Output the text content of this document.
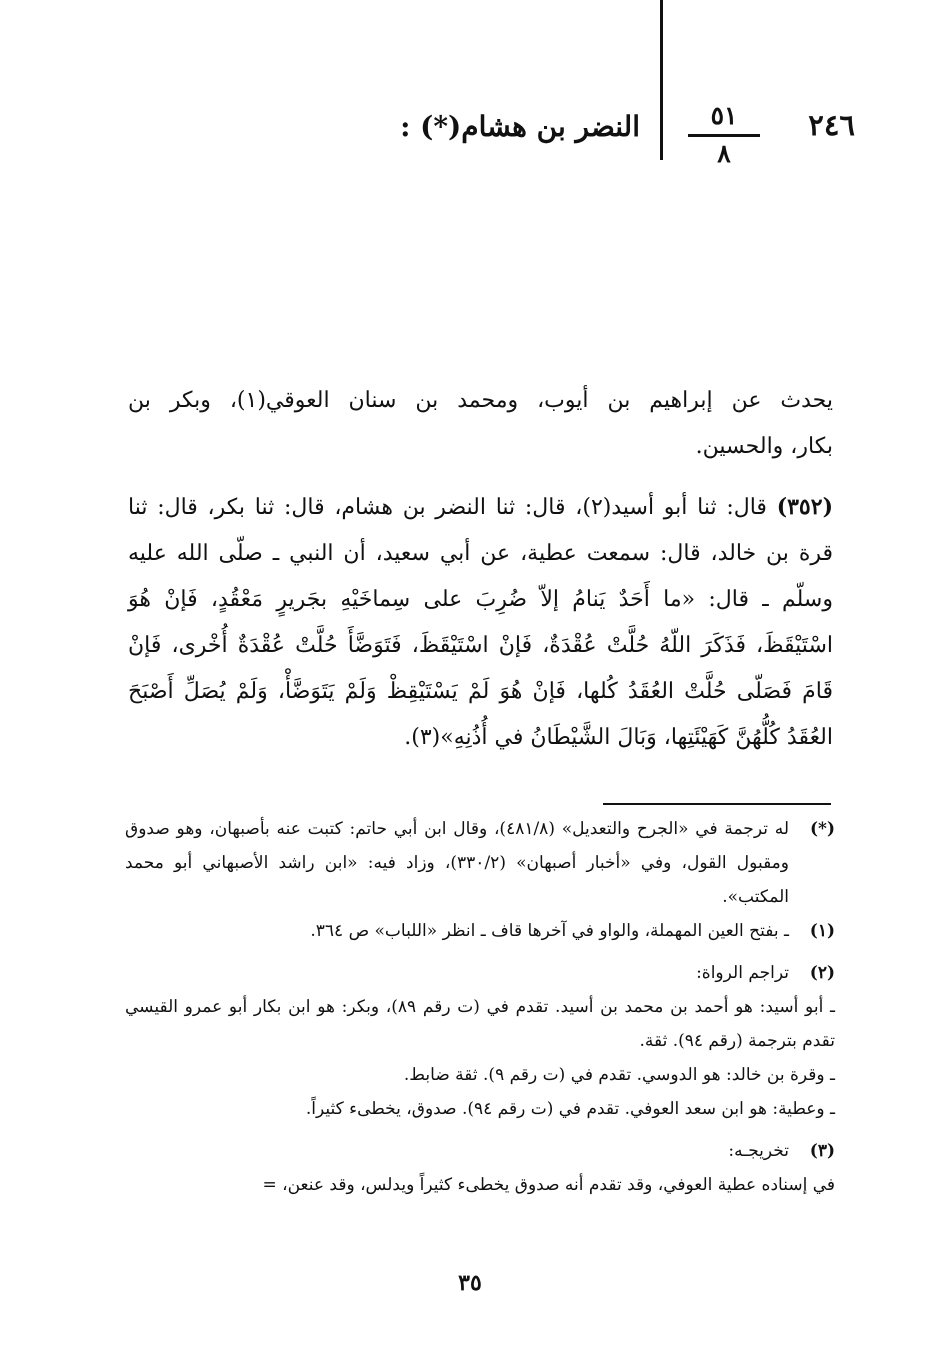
٢٤٦
٥١
٨
النضر بن هشام(*) :

يحدث عن إبراهيم بن أيوب، ومحمد بن سنان العوقي(١)، وبكر بن

بكار، والحسين.

(٣٥٢) قال: ثنا أبو أسيد(٢)، قال: ثنا النضر بن هشام، قال: ثنا بكر، قال: ثنا قرة بن خالد، قال: سمعت عطية، عن أبي سعيد، أن النبي ـ صلّى الله عليه وسلّم ـ قال: «ما أَحَدٌ يَنامُ إلاّ ضُرِبَ على سِماخَيْهِ بجَريرٍ مَعْقُدٍ، فَإنْ هُوَ اسْتَيْقَظَ، فَذَكَرَ اللّهُ حُلَّتْ عُقْدَةٌ، فَإنْ اسْتَيْقَظَ، فَتَوَضَّأَ حُلَّتْ عُقْدَةٌ أُخْرى، فَإنْ قَامَ فَصَلّى حُلَّتْ العُقَدُ كُلها، فَإنْ هُوَ لَمْ يَسْتَيْقِظْ وَلَمْ يَتَوَضَّأْ، وَلَمْ يُصَلِّ أَصْبَحَ العُقَدُ كُلُّهُنَّ كَهَيْئَتِها، وَبَالَ الشَّيْطَانُ في أُذُنِهِ»(٣).

(*)
له ترجمة في «الجرح والتعديل» (٤٨١/٨)، وقال ابن أبي حاتم: كتبت عنه بأصبهان، وهو صدوق ومقبول القول، وفي «أخبار أصبهان» (٣٣٠/٢)، وزاد فيه: «ابن راشد الأصبهاني أبو محمد المكتب».
(١)
ـ بفتح العين المهملة، والواو في آخرها قاف ـ انظر «اللباب» ص ٣٦٤.
(٢)
تراجم الرواة:
ـ أبو أسيد: هو أحمد بن محمد بن أسيد. تقدم في (ت رقم ٨٩)، وبكر: هو ابن بكار أبو عمرو القيسي تقدم بترجمة (رقم ٩٤). ثقة.
ـ وقرة بن خالد: هو الدوسي. تقدم في (ت رقم ٩). ثقة ضابط.
ـ وعطية: هو ابن سعد العوفي. تقدم في (ت رقم ٩٤). صدوق، يخطىء كثيراً.
(٣)
تخريجـه:
في إسناده عطية العوفي، وقد تقدم أنه صدوق يخطىء كثيراً ويدلس، وقد عنعن، =
٣٥
